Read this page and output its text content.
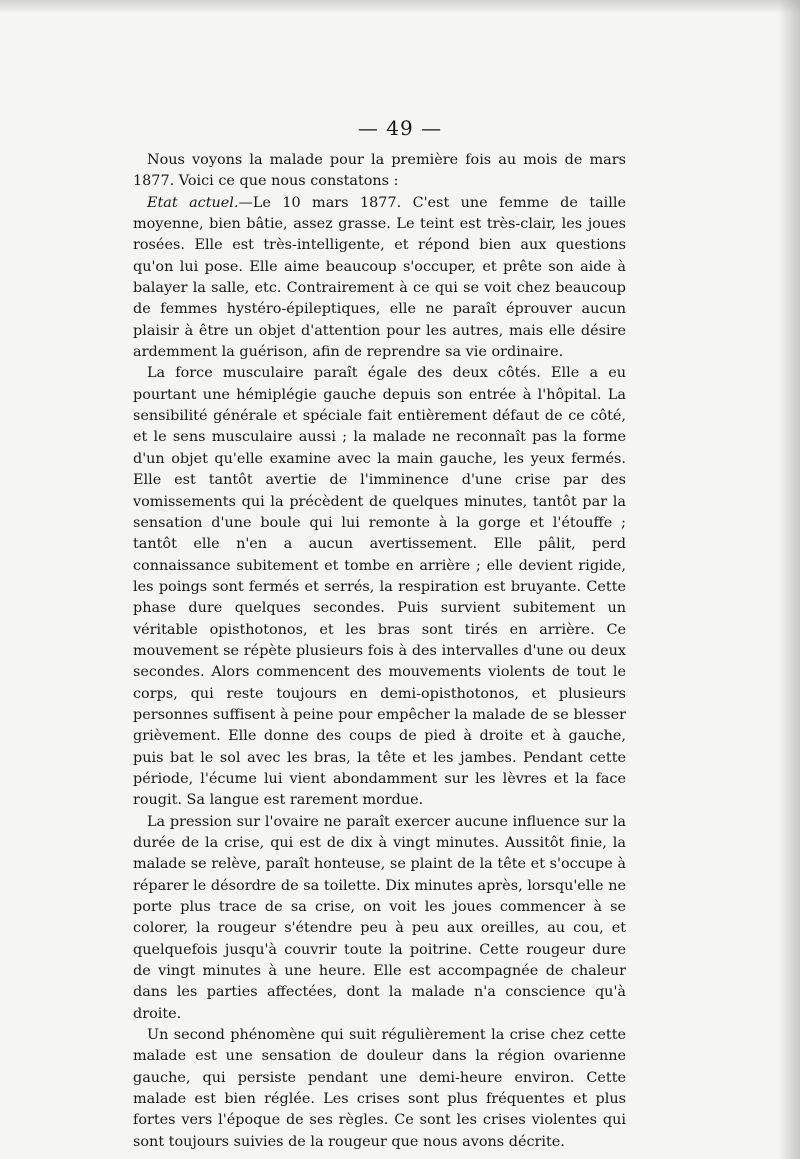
— 49 —

Nous voyons la malade pour la première fois au mois de mars 1877. Voici ce que nous constatons :

Etat actuel.—Le 10 mars 1877. C'est une femme de taille moyenne, bien bâtie, assez grasse. Le teint est très-clair, les joues rosées. Elle est très-intelligente, et répond bien aux questions qu'on lui pose. Elle aime beaucoup s'occuper, et prête son aide à balayer la salle, etc. Contrairement à ce qui se voit chez beaucoup de femmes hystéro-épileptiques, elle ne paraît éprouver aucun plaisir à être un objet d'attention pour les autres, mais elle désire ardemment la guérison, afin de reprendre sa vie ordinaire.

La force musculaire paraît égale des deux côtés. Elle a eu pourtant une hémiplégie gauche depuis son entrée à l'hôpital. La sensibilité générale et spéciale fait entièrement défaut de ce côté, et le sens musculaire aussi ; la malade ne reconnaît pas la forme d'un objet qu'elle examine avec la main gauche, les yeux fermés. Elle est tantôt avertie de l'imminence d'une crise par des vomissements qui la précèdent de quelques minutes, tantôt par la sensation d'une boule qui lui remonte à la gorge et l'étouffe ; tantôt elle n'en a aucun avertissement. Elle pâlit, perd connaissance subitement et tombe en arrière ; elle devient rigide, les poings sont fermés et serrés, la respiration est bruyante. Cette phase dure quelques secondes. Puis survient subitement un véritable opisthotonos, et les bras sont tirés en arrière. Ce mouvement se répète plusieurs fois à des intervalles d'une ou deux secondes. Alors commencent des mouvements violents de tout le corps, qui reste toujours en demi-opisthotonos, et plusieurs personnes suffisent à peine pour empêcher la malade de se blesser grièvement. Elle donne des coups de pied à droite et à gauche, puis bat le sol avec les bras, la tête et les jambes. Pendant cette période, l'écume lui vient abondamment sur les lèvres et la face rougit. Sa langue est rarement mordue.

La pression sur l'ovaire ne paraît exercer aucune influence sur la durée de la crise, qui est de dix à vingt minutes. Aussitôt finie, la malade se relève, paraît honteuse, se plaint de la tête et s'occupe à réparer le désordre de sa toilette. Dix minutes après, lorsqu'elle ne porte plus trace de sa crise, on voit les joues commencer à se colorer, la rougeur s'étendre peu à peu aux oreilles, au cou, et quelquefois jusqu'à couvrir toute la poitrine. Cette rougeur dure de vingt minutes à une heure. Elle est accompagnée de chaleur dans les parties affectées, dont la malade n'a conscience qu'à droite.

Un second phénomène qui suit régulièrement la crise chez cette malade est une sensation de douleur dans la région ovarienne gauche, qui persiste pendant une demi-heure environ. Cette malade est bien réglée. Les crises sont plus fréquentes et plus fortes vers l'époque de ses règles. Ce sont les crises violentes qui sont toujours suivies de la rougeur que nous avons décrite.
